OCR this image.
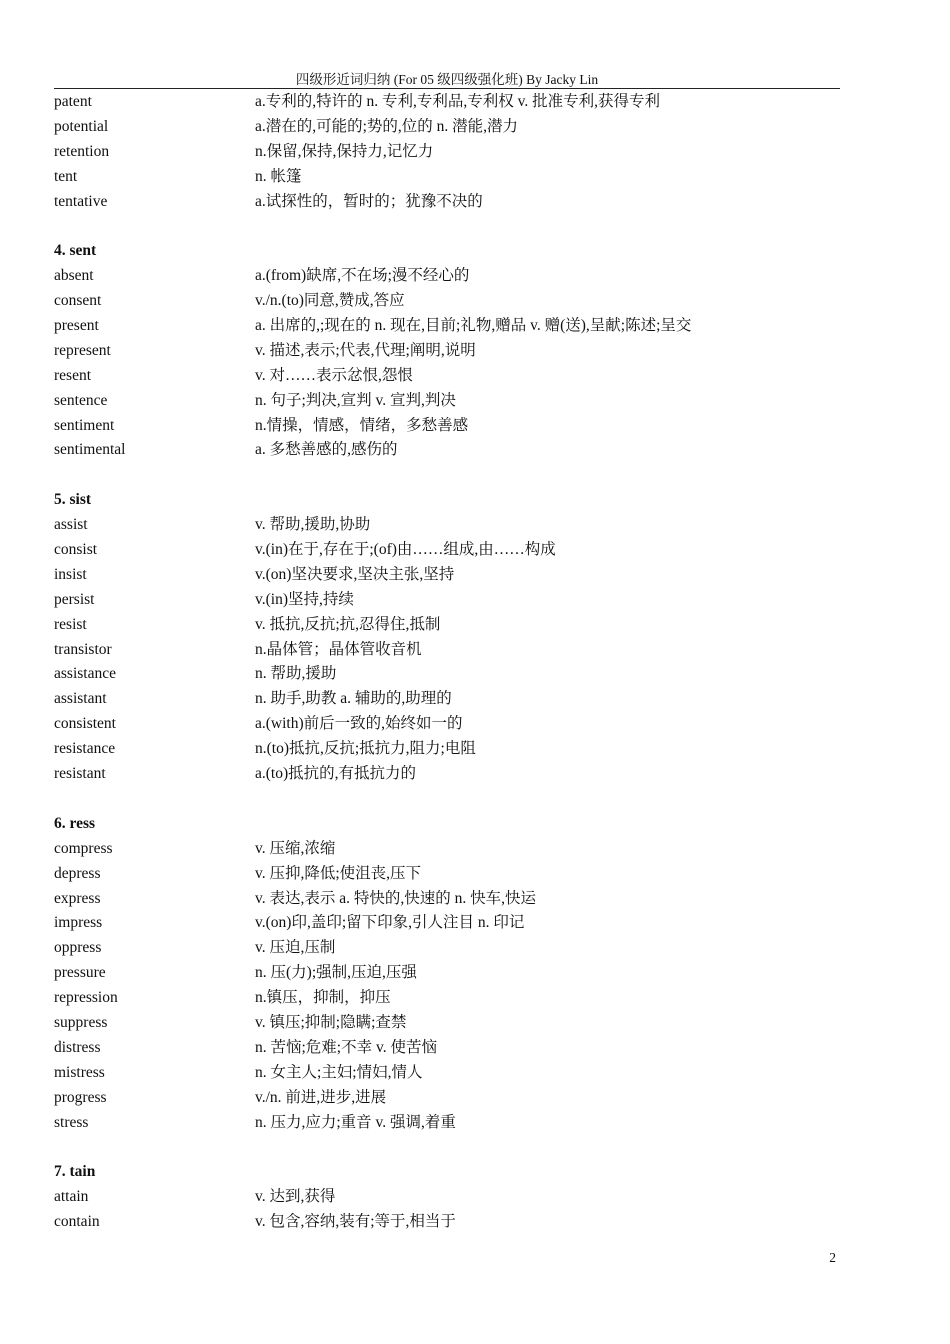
四级形近词归纳 (For 05 级四级强化班) By Jacky Lin
patent	a.专利的,特许的 n. 专利,专利品,专利权 v. 批准专利,获得专利
potential	a.潜在的,可能的;势的,位的 n. 潜能,潜力
retention	n.保留,保持,保持力,记忆力
tent	n. 帐篷
tentative	a.试探性的，暂时的；犹豫不决的
4. sent
absent	a.(from)缺席,不在场;漫不经心的
consent	v./n.(to)同意,赞成,答应
present	a. 出席的,;现在的 n. 现在,目前;礼物,赠品 v. 赠(送),呈献;陈述;呈交
represent	v. 描述,表示;代表,代理;阐明,说明
resent	v. 对……表示忿恨,怨恨
sentence	n. 句子;判决,宣判 v. 宣判,判决
sentiment	n.情操，情感，情绪，多愁善感
sentimental	a. 多愁善感的,感伤的
5. sist
assist	v. 帮助,援助,协助
consist	v.(in)在于,存在于;(of)由……组成,由……构成
insist	v.(on)坚决要求,坚决主张,坚持
persist	v.(in)坚持,持续
resist	v. 抵抗,反抗;抗,忍得住,抵制
transistor	n.晶体管；晶体管收音机
assistance	n. 帮助,援助
assistant	n. 助手,助教 a. 辅助的,助理的
consistent	a.(with)前后一致的,始终如一的
resistance	n.(to)抵抗,反抗;抵抗力,阻力;电阻
resistant	a.(to)抵抗的,有抵抗力的
6. ress
compress	v. 压缩,浓缩
depress	v. 压抑,降低;使沮丧,压下
express	v. 表达,表示 a. 特快的,快速的 n. 快车,快运
impress	v.(on)印,盖印;留下印象,引人注目 n. 印记
oppress	v. 压迫,压制
pressure	n. 压(力);强制,压迫,压强
repression	n.镇压，抑制，抑压
suppress	v. 镇压;抑制;隐瞒;查禁
distress	n. 苦恼;危难;不幸 v. 使苦恼
mistress	n. 女主人;主妇;情妇,情人
progress	v./n. 前进,进步,进展
stress	n. 压力,应力;重音 v. 强调,着重
7. tain
attain	v. 达到,获得
contain	v. 包含,容纳,装有;等于,相当于
2
